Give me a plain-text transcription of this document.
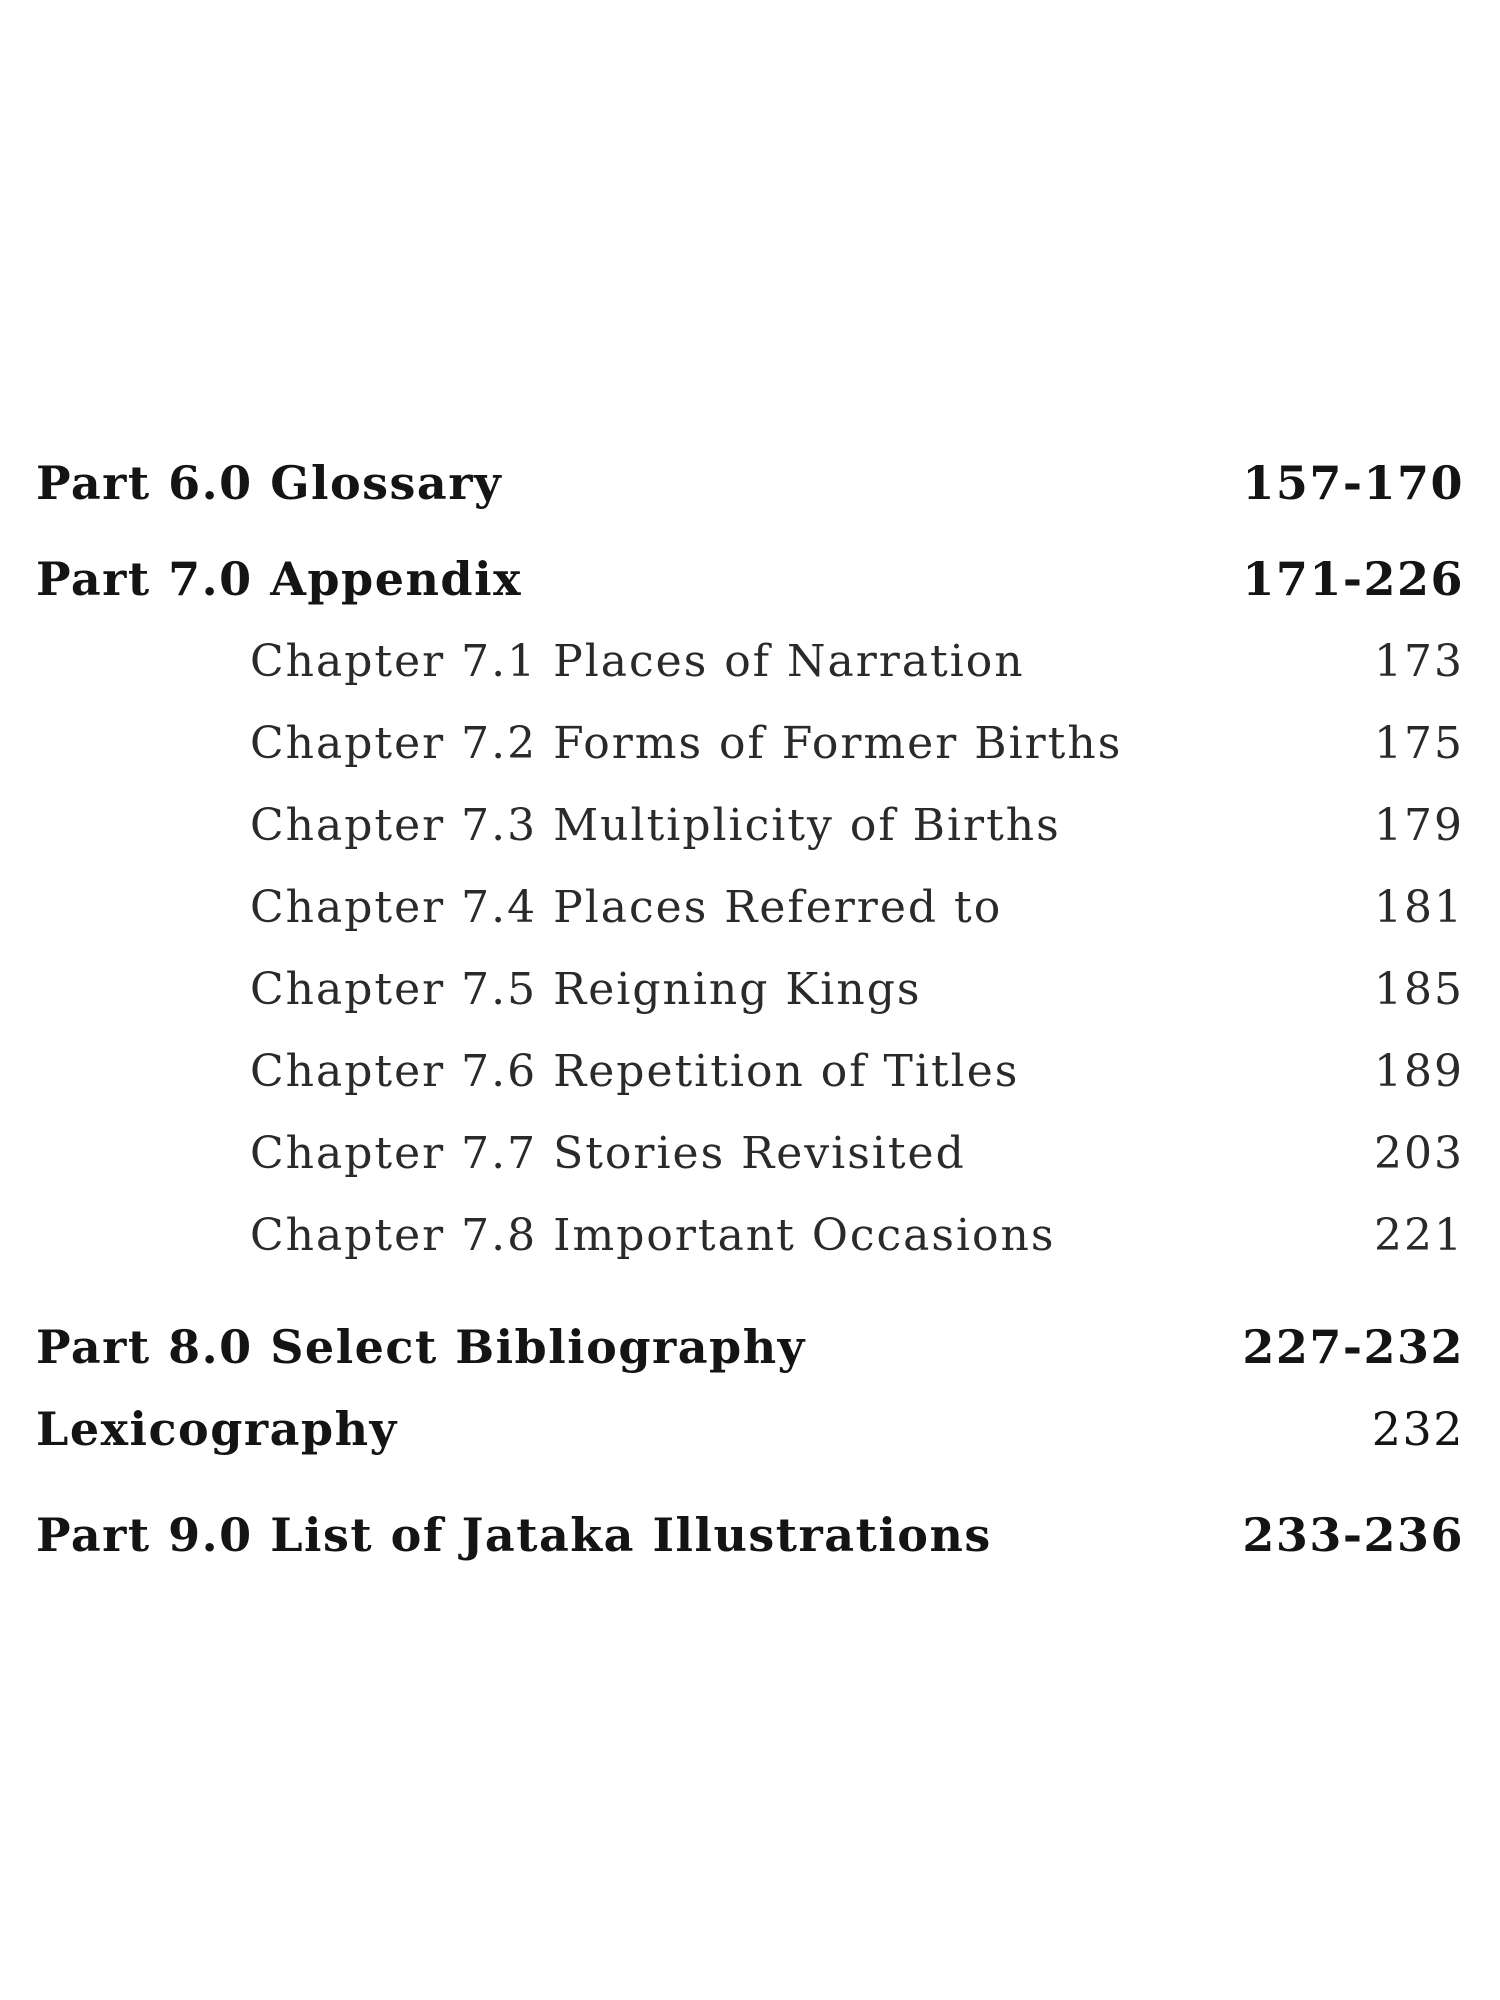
Part 6.0 Glossary	157-170
Part 7.0 Appendix	171-226
Chapter 7.1 Places of Narration	173
Chapter 7.2 Forms of Former Births	175
Chapter 7.3 Multiplicity of Births	179
Chapter 7.4 Places Referred to	181
Chapter 7.5 Reigning Kings	185
Chapter 7.6 Repetition of Titles	189
Chapter 7.7 Stories Revisited	203
Chapter 7.8 Important Occasions	221
Part 8.0 Select Bibliography	227-232
Lexicography	232
Part 9.0 List of Jataka Illustrations	233-236
